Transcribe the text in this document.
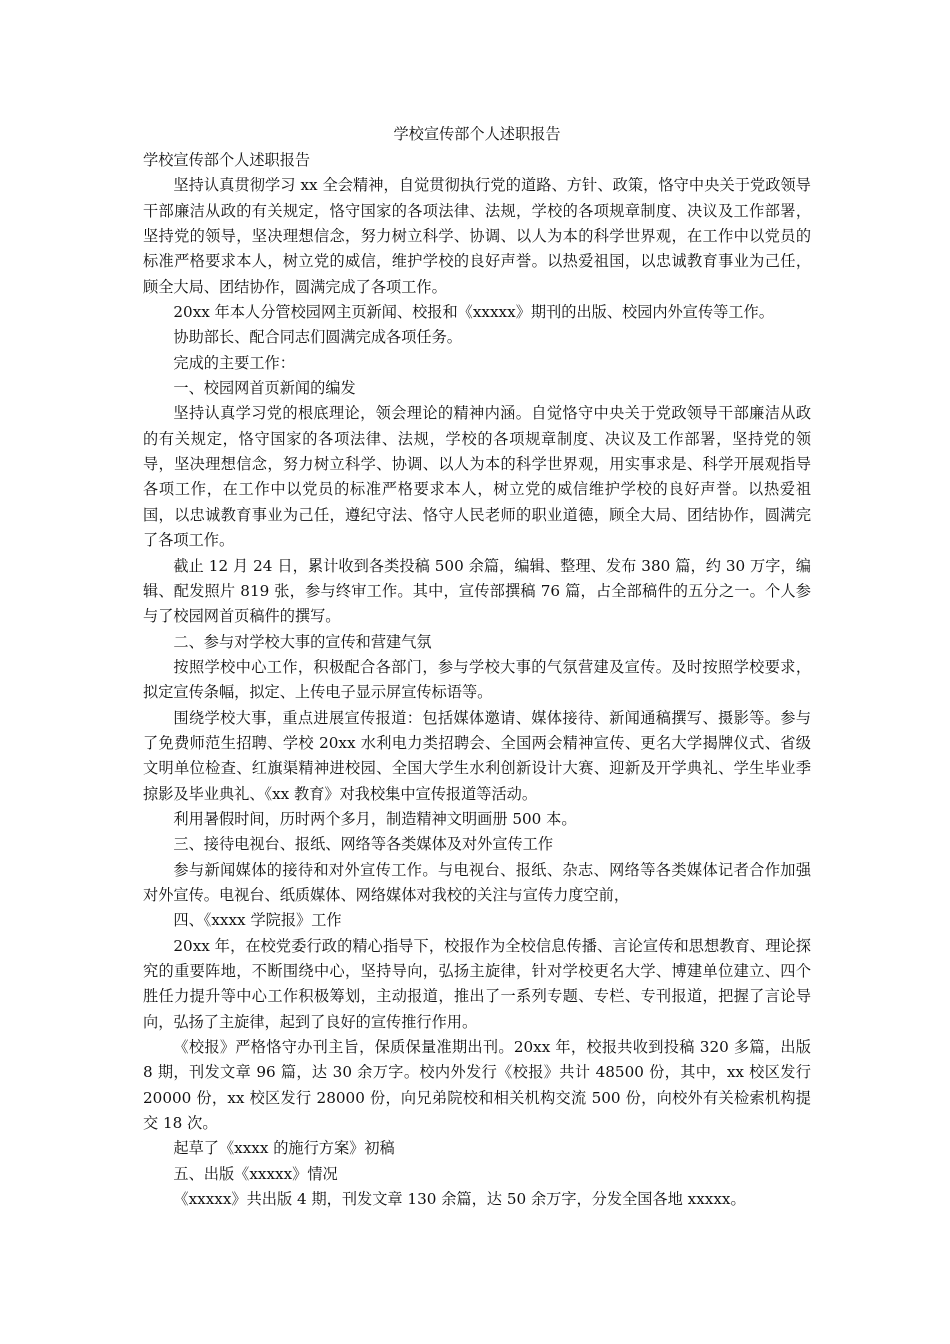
学校宣传部个人述职报告

学校宣传部个人述职报告

坚持认真贯彻学习 xx 全会精神，自觉贯彻执行党的道路、方针、政策，恪守中央关于党政领导干部廉洁从政的有关规定，恪守国家的各项法律、法规，学校的各项规章制度、决议及工作部署，坚持党的领导，坚决理想信念，努力树立科学、协调、以人为本的科学世界观，在工作中以党员的标准严格要求本人，树立党的威信，维护学校的良好声誉。以热爱祖国，以忠诚教育事业为己任，顾全大局、团结协作，圆满完成了各项工作。

20xx 年本人分管校园网主页新闻、校报和《xxxxx》期刊的出版、校园内外宣传等工作。

协助部长、配合同志们圆满完成各项任务。

完成的主要工作：

一、校园网首页新闻的编发

坚持认真学习党的根底理论，领会理论的精神内涵。自觉恪守中央关于党政领导干部廉洁从政的有关规定，恪守国家的各项法律、法规，学校的各项规章制度、决议及工作部署，坚持党的领导，坚决理想信念，努力树立科学、协调、以人为本的科学世界观，用实事求是、科学开展观指导各项工作，在工作中以党员的标准严格要求本人，树立党的威信维护学校的良好声誉。以热爱祖国，以忠诚教育事业为己任，遵纪守法、恪守人民老师的职业道德，顾全大局、团结协作，圆满完了各项工作。

截止 12 月 24 日，累计收到各类投稿 500 余篇，编辑、整理、发布 380 篇，约 30 万字，编辑、配发照片 819 张，参与终审工作。其中，宣传部撰稿 76 篇，占全部稿件的五分之一。个人参与了校园网首页稿件的撰写。

二、参与对学校大事的宣传和营建气氛

按照学校中心工作，积极配合各部门，参与学校大事的气氛营建及宣传。及时按照学校要求，拟定宣传条幅，拟定、上传电子显示屏宣传标语等。

围绕学校大事，重点进展宣传报道：包括媒体邀请、媒体接待、新闻通稿撰写、摄影等。参与了免费师范生招聘、学校 20xx 水利电力类招聘会、全国两会精神宣传、更名大学揭牌仪式、省级文明单位检查、红旗渠精神进校园、全国大学生水利创新设计大赛、迎新及开学典礼、学生毕业季掠影及毕业典礼、《xx 教育》对我校集中宣传报道等活动。

利用暑假时间，历时两个多月，制造精神文明画册 500 本。

三、接待电视台、报纸、网络等各类媒体及对外宣传工作

参与新闻媒体的接待和对外宣传工作。与电视台、报纸、杂志、网络等各类媒体记者合作加强对外宣传。电视台、纸质媒体、网络媒体对我校的关注与宣传力度空前，

四、《xxxx 学院报》工作

20xx 年，在校党委行政的精心指导下，校报作为全校信息传播、言论宣传和思想教育、理论探究的重要阵地，不断围绕中心，坚持导向，弘扬主旋律，针对学校更名大学、博建单位建立、四个胜任力提升等中心工作积极筹划，主动报道，推出了一系列专题、专栏、专刊报道，把握了言论导向，弘扬了主旋律，起到了良好的宣传推行作用。

《校报》严格恪守办刊主旨，保质保量准期出刊。20xx 年，校报共收到投稿 320 多篇，出版 8 期，刊发文章 96 篇，达 30 余万字。校内外发行《校报》共计 48500 份，其中，xx 校区发行 20000 份，xx 校区发行 28000 份，向兄弟院校和相关机构交流 500 份，向校外有关检索机构提交 18 次。

起草了《xxxx 的施行方案》初稿

五、出版《xxxxx》情况

《xxxxx》共出版 4 期，刊发文章 130 余篇，达 50 余万字，分发全国各地 xxxxx。
